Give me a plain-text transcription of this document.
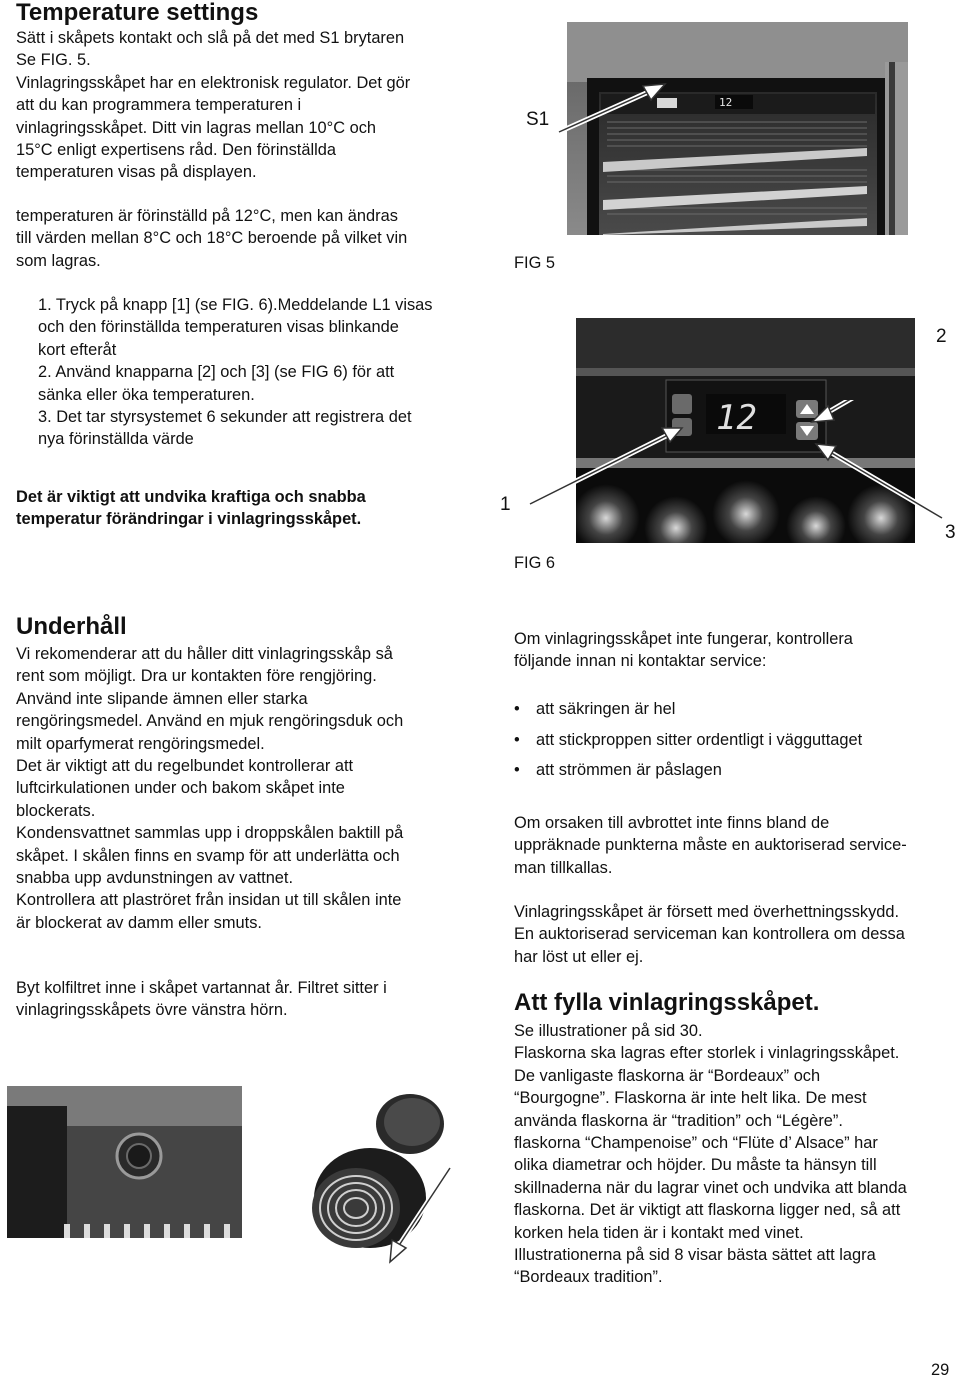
Temperature settings
Sätt i skåpets kontakt och slå på det med S1 brytaren
Se FIG. 5.
Vinlagringsskåpet har en elektronisk regulator. Det gör
att du kan programmera temperaturen i
vinlagringsskåpet. Ditt vin lagras mellan 10°C och
15°C enligt expertisens råd. Den förinställda
temperaturen visas på displayen.
temperaturen är förinställd på 12°C, men kan ändras
till värden mellan 8°C och 18°C beroende på vilket vin
som lagras.
1. Tryck på knapp [1] (se FIG. 6).Meddelande L1 visas
och den förinställda temperaturen visas blinkande
kort efteråt
2. Använd knapparna [2] och [3] (se FIG 6) för att
sänka eller öka temperaturen.
3. Det tar styrsystemet 6 sekunder att registrera det
nya förinställda värde
Det är viktigt att undvika kraftiga och snabba
temperatur förändringar i vinlagringsskåpet.
12
S1
FIG 5
12
2
1
3
FIG 6
Underhåll
Vi rekomenderar att du håller ditt vinlagringsskåp så
rent som möjligt. Dra ur kontakten före rengjöring.
Använd inte slipande ämnen eller starka
rengöringsmedel. Använd en mjuk rengöringsduk och
milt oparfymerat rengöringsmedel.
Det är viktigt att du regelbundet kontrollerar att
luftcirkulationen under och bakom skåpet inte
blockerats.
Kondensvattnet sammlas upp i droppskålen baktill på
skåpet. I skålen finns en svamp för att underlätta och
snabba upp avdunstningen av vattnet.
Kontrollera att plaströret från insidan ut till skålen inte
är blockerat av damm eller smuts.
Byt kolfiltret inne i skåpet vartannat år. Filtret sitter i
vinlagringsskåpets övre vänstra hörn.
Om vinlagringsskåpet inte fungerar, kontrollera
följande innan ni kontaktar service:
• att säkringen är hel
• att stickproppen sitter ordentligt i vägguttaget
• att strömmen är påslagen
Om orsaken till avbrottet inte finns bland de
uppräknade punkterna måste en auktoriserad service-
man tillkallas.
Vinlagringsskåpet är försett med överhettningsskydd.
En auktoriserad serviceman kan kontrollera om dessa
har löst ut eller ej.
Att fylla vinlagringsskåpet.
Se illustrationer på sid 30.
Flaskorna ska lagras efter storlek i vinlagringsskåpet.
De vanligaste flaskorna är “Bordeaux” och
“Bourgogne”. Flaskorna är inte helt lika. De mest
använda flaskorna är “tradition” och “Légère”.
flaskorna “Champenoise” och “Flüte d’ Alsace” har
olika diametrar och höjder. Du måste ta hänsyn till
skillnaderna när du lagrar vinet och undvika att blanda
flaskorna. Det är viktigt att flaskorna ligger ned, så att
korken hela tiden är i kontakt med vinet.
Illustrationerna på sid 8 visar bästa sättet att lagra
“Bordeaux tradition”.
29
